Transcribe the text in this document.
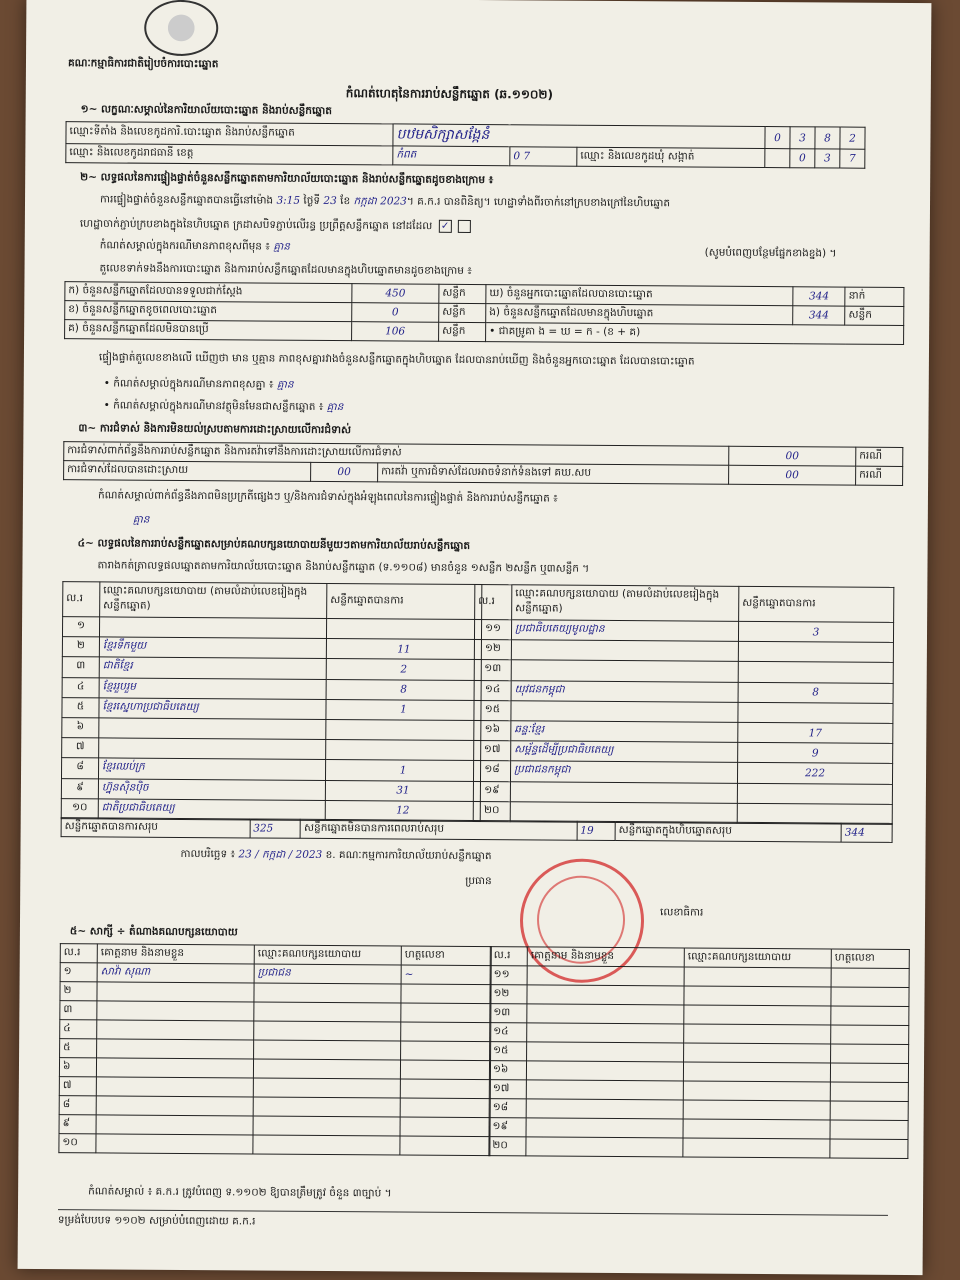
គណៈកម្មាធិការជាតិរៀបចំការបោះឆ្នោត
កំណត់ហេតុនៃការរាប់សន្លឹកឆ្នោត (ឆ.១១០២)
១~ លក្ខណៈសម្គាល់នៃការិយាល័យបោះឆ្នោត និងរាប់សន្លឹកឆ្នោត
ឈ្មោះទីតាំង និងលេខកូដការិ.បោះឆ្នោត និងរាប់សន្លឹកឆ្នោត	បឋមសិក្សាសង្កែនំ			0	3	8	2
ឈ្មោះ និងលេខកូដរាជធានី ខេត្ត	កំពត	0 7	ឈ្មោះ និងលេខកូដឃុំ សង្កាត់		0	3	7
២~ លទ្ធផលនៃការផ្ទៀងផ្ទាត់ចំនួនសន្លឹកឆ្នោតតាមការិយាល័យបោះឆ្នោត និងរាប់សន្លឹកឆ្នោតដូចខាងក្រោម ៖
ការផ្ទៀងផ្ទាត់ចំនួនសន្លឹកឆ្នោតបានធ្វើនៅម៉ោង 3:15 ថ្ងៃទី 23 ខែ កក្កដា 2023។ គ.ក.រ បានពិនិត្យ។ ហេដ្ឋាទាំងពីរចាក់នៅក្របខាងក្រៅនៃហិបឆ្នោត
ហេដ្ឋាចាក់ភ្ជាប់ក្របខាងក្នុងនៃហិបឆ្នោត ក្រដាសបិទភ្ជាប់លើរន្ធ ប្រព្រឹត្តសន្លឹកឆ្នោត នៅដដែល ✓
កំណត់សម្គាល់ក្នុងករណីមានភាពខុសពីមុន ៖ គ្មាន	(សូមបំពេញបន្ថែមផ្នែកខាងខ្នង) ។
តួលេខទាក់ទងនឹងការបោះឆ្នោត និងការរាប់សន្លឹកឆ្នោតដែលមានក្នុងហិបឆ្នោតមានដូចខាងក្រោម ៖
ក) ចំនួនសន្លឹកឆ្នោតដែលបានទទួលជាក់ស្តែង	450	សន្លឹក	ឃ) ចំនួនអ្នកបោះឆ្នោតដែលបានបោះឆ្នោត	344	នាក់
ខ) ចំនួនសន្លឹកឆ្នោតខូចពេលបោះឆ្នោត	0	សន្លឹក	ង) ចំនួនសន្លឹកឆ្នោតដែលមានក្នុងហិបឆ្នោត	344	សន្លឹក
គ) ចំនួនសន្លឹកឆ្នោតដែលមិនបានប្រើ	106	សន្លឹក	• ជាគម្រូគា ង = ឃ = ក - (ខ + គ)		
ផ្ទៀងផ្ទាត់តួលេខខាងលើ ឃើញថា មាន ឬគ្មាន ភាពខុសគ្នារវាងចំនួនសន្លឹកឆ្នោតក្នុងហិបឆ្នោត ដែលបានរាប់ឃើញ និងចំនួនអ្នកបោះឆ្នោត ដែលបានបោះឆ្នោត
• កំណត់សម្គាល់ក្នុងករណីមានភាពខុសគ្នា ៖ គ្មាន
• កំណត់សម្គាល់ក្នុងករណីមានវត្ថុមិនមែនជាសន្លឹកឆ្នោត ៖ គ្មាន
៣~ ការជំទាស់ និងការមិនយល់ស្របតាមការដោះស្រាយលើការជំទាស់
ការជំទាស់ពាក់ព័ន្ធនឹងការរាប់សន្លឹកឆ្នោត និងការតវ៉ាទៅនឹងការដោះស្រាយលើការជំទាស់			00	ករណី
ការជំទាស់ដែលបានដោះស្រាយ	00	ការតវ៉ា ឬការជំទាស់ដែលអាចទំនាក់ទំនងទៅ គឃ.សប	00	ករណី
កំណត់សម្គាល់ពាក់ព័ន្ធនឹងភាពមិនប្រក្រតីផ្សេងៗ ឬ/និងការជំទាស់ក្នុងអំឡុងពេលនៃការផ្ទៀងផ្ទាត់ និងការរាប់សន្លឹកឆ្នោត ៖
គ្មាន
៤~ លទ្ធផលនៃការរាប់សន្លឹកឆ្នោតសម្រាប់គណបក្សនយោបាយនីមួយៗតាមការិយាល័យរាប់សន្លឹកឆ្នោត
តារាងកត់ត្រាលទ្ធផលឆ្នោតតាមការិយាល័យបោះឆ្នោត និងរាប់សន្លឹកឆ្នោត (ទ.១១០៨) មានចំនួន ១សន្លឹក ២សន្លឹក ឬ៣សន្លឹក ។
ល.រ	ឈ្មោះគណបក្សនយោបាយ (តាមលំដាប់លេខរៀងក្នុងសន្លឹកឆ្នោត)	សន្លឹកឆ្នោតបានការ
១		
២	ខ្មែរទឹកមួយ	11
៣	ជាតិខ្មែរ	2
៤	ខ្មែររួបរួម	8
៥	ខ្មែរស្នេហាប្រជាធិបតេយ្យ	1
៦		
៧		
៨	ខ្មែរឈប់ក្រ	1
៩	ហ្វ៊ុនស៊ិនប៉ិច	31
១០	ជាតិប្រជាធិបតេយ្យ	12
ល.រ	ឈ្មោះគណបក្សនយោបាយ (តាមលំដាប់លេខរៀងក្នុងសន្លឹកឆ្នោត)	សន្លឹកឆ្នោតបានការ
១១	ប្រជាធិបតេយ្យមូលដ្ឋាន	3
១២		
១៣		
១៤	យុវជនកម្ពុជា	8
១៥		
១៦	ឆន្ទៈខ្មែរ	17
១៧	សម្ព័ន្ធដើម្បីប្រជាធិបតេយ្យ	9
១៨	ប្រជាជនកម្ពុជា	222
១៩		
២០		
សន្លឹកឆ្នោតបានការសរុប	325	សន្លឹកឆ្នោតមិនបានការពេលរាប់សរុប	19	សន្លឹកឆ្នោតក្នុងហិបឆ្នោតសរុប	344
កាលបរិច្ឆេទ ៖ 23 / កក្កដា / 2023 ខ. គណៈកម្មការការិយាល័យរាប់សន្លឹកឆ្នោត
ប្រធាន
លេខាធិការ
៥~ សាក្សី ÷ តំណាងគណបក្សនយោបាយ
ល.រ	គោត្តនាម និងនាមខ្លួន	ឈ្មោះគណបក្សនយោបាយ	ហត្ថលេខា
១	សាវ៉ា សុណា	ប្រជាជន	~
២			
៣			
៤			
៥			
៦			
៧			
៨			
៩			
១០			
ល.រ	គោត្តនាម និងនាមខ្លួន	ឈ្មោះគណបក្សនយោបាយ	ហត្ថលេខា
១១			
១២			
១៣			
១៤			
១៥			
១៦			
១៧			
១៨			
១៩			
២០			
កំណត់សម្គាល់ ៖ គ.ក.រ ត្រូវបំពេញ ទ.១១០២ ឱ្យបានត្រឹមត្រូវ ចំនួន ៣ច្បាប់ ។
ទម្រង់បែបបទ ១១០២ សម្រាប់បំពេញដោយ គ.ក.រ
